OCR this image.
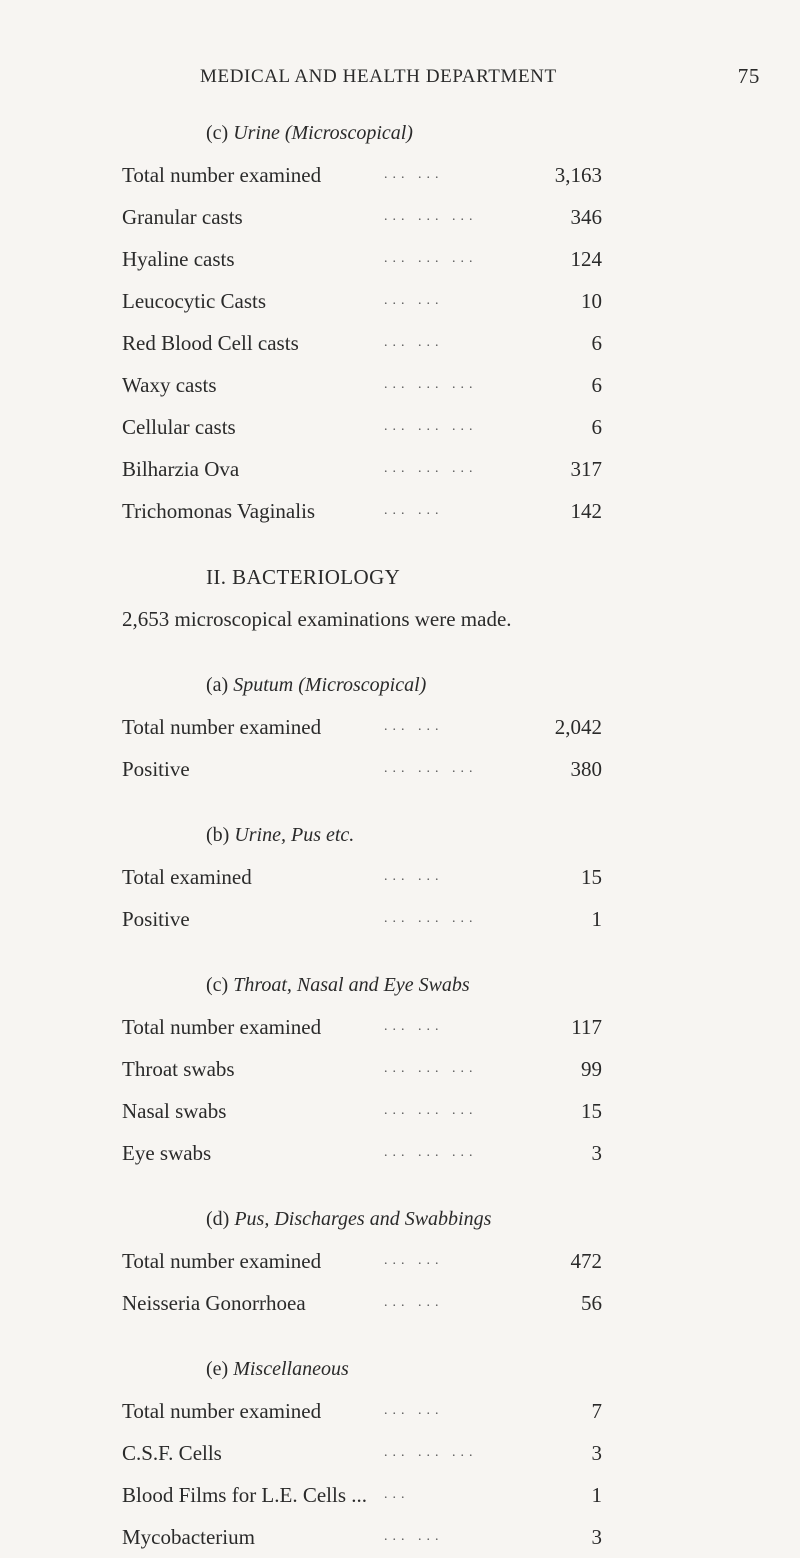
MEDICAL AND HEALTH DEPARTMENT	75
(c) Urine (Microscopical)
Total number examined	... ...	3,163
Granular casts	... ... ...	346
Hyaline casts	... ... ...	124
Leucocytic Casts	... ...	10
Red Blood Cell casts	... ...	6
Waxy casts	... ... ...	6
Cellular casts	... ... ...	6
Bilharzia Ova	... ... ...	317
Trichomonas Vaginalis	... ...	142
II. BACTERIOLOGY
2,653 microscopical examinations were made.
(a) Sputum (Microscopical)
Total number examined	... ...	2,042
Positive	... ... ...	380
(b) Urine, Pus etc.
Total examined	... ...	15
Positive	... ... ...	1
(c) Throat, Nasal and Eye Swabs
Total number examined	... ...	117
Throat swabs	... ... ...	99
Nasal swabs	... ... ...	15
Eye swabs	... ... ...	3
(d) Pus, Discharges and Swabbings
Total number examined	... ...	472
Neisseria Gonorrhoea	... ...	56
(e) Miscellaneous
Total number examined	... ...	7
C.S.F. Cells	... ... ...	3
Blood Films for L.E. Cells ... ...	1
Mycobacterium	... ...	3
